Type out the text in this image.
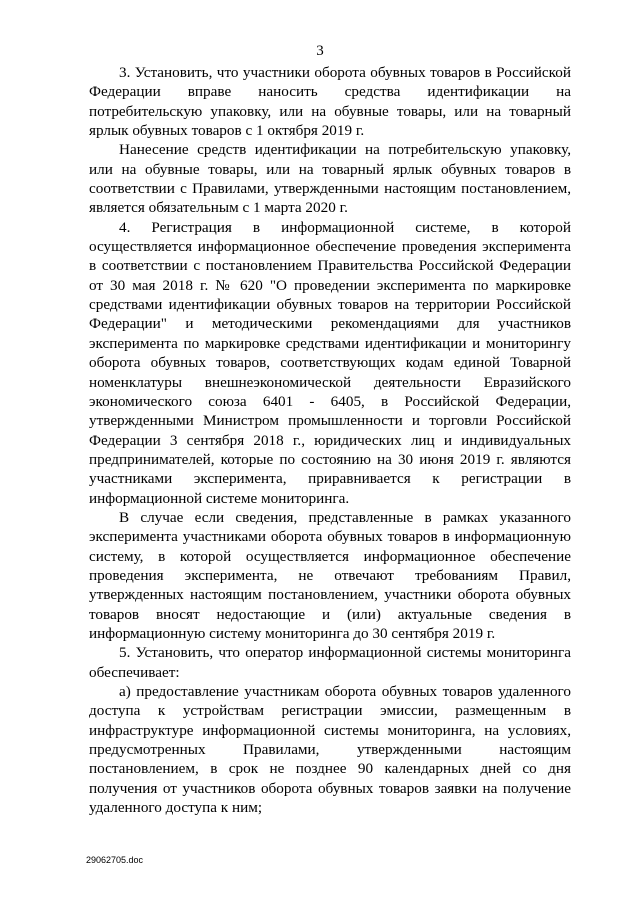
3

3. Установить, что участники оборота обувных товаров в Российской Федерации вправе наносить средства идентификации на потребительскую упаковку, или на обувные товары, или на товарный ярлык обувных товаров с 1 октября 2019 г.

Нанесение средств идентификации на потребительскую упаковку, или на обувные товары, или на товарный ярлык обувных товаров в соответствии с Правилами, утвержденными настоящим постановлением, является обязательным с 1 марта 2020 г.

4. Регистрация в информационной системе, в которой осуществляется информационное обеспечение проведения эксперимента в соответствии с постановлением Правительства Российской Федерации от 30 мая 2018 г. № 620 "О проведении эксперимента по маркировке средствами идентификации обувных товаров на территории Российской Федерации" и методическими рекомендациями для участников эксперимента по маркировке средствами идентификации и мониторингу оборота обувных товаров, соответствующих кодам единой Товарной номенклатуры внешнеэкономической деятельности Евразийского экономического союза 6401 - 6405, в Российской Федерации, утвержденными Министром промышленности и торговли Российской Федерации 3 сентября 2018 г., юридических лиц и индивидуальных предпринимателей, которые по состоянию на 30 июня 2019 г. являются участниками эксперимента, приравнивается к регистрации в информационной системе мониторинга.

В случае если сведения, представленные в рамках указанного эксперимента участниками оборота обувных товаров в информационную систему, в которой осуществляется информационное обеспечение проведения эксперимента, не отвечают требованиям Правил, утвержденных настоящим постановлением, участники оборота обувных товаров вносят недостающие и (или) актуальные сведения в информационную систему мониторинга до 30 сентября 2019 г.

5. Установить, что оператор информационной системы мониторинга обеспечивает:

а) предоставление участникам оборота обувных товаров удаленного доступа к устройствам регистрации эмиссии, размещенным в инфраструктуре информационной системы мониторинга, на условиях, предусмотренных Правилами, утвержденными настоящим постановлением, в срок не позднее 90 календарных дней со дня получения от участников оборота обувных товаров заявки на получение удаленного доступа к ним;

29062705.doc
